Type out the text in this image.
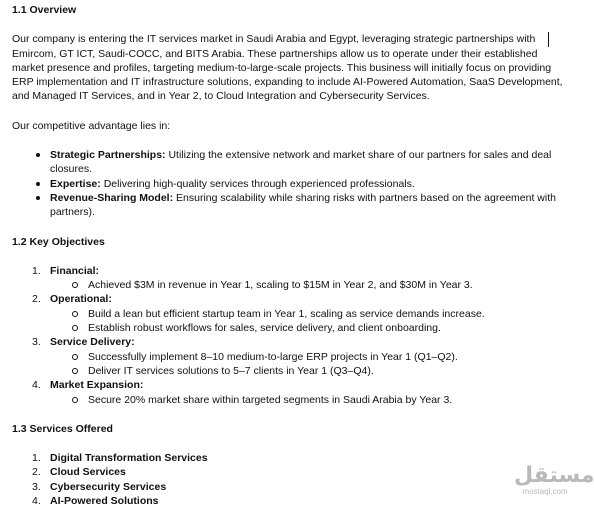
1.1 Overview

Our company is entering the IT services market in Saudi Arabia and Egypt, leveraging strategic partnerships with Emircom, GT ICT, Saudi-COCC, and BITS Arabia. These partnerships allow us to operate under their established market presence and profiles, targeting medium-to-large-scale projects. This business will initially focus on providing ERP implementation and IT infrastructure solutions, expanding to include AI-Powered Automation, SaaS Development, and Managed IT Services, and in Year 2, to Cloud Integration and Cybersecurity Services.

Our competitive advantage lies in:

Strategic Partnerships: Utilizing the extensive network and market share of our partners for sales and deal closures.
Expertise: Delivering high-quality services through experienced professionals.
Revenue-Sharing Model: Ensuring scalability while sharing risks with partners based on the agreement with partners).
1.2 Key Objectives
1. Financial:
Achieved $3M in revenue in Year 1, scaling to $15M in Year 2, and $30M in Year 3.
2. Operational:
Build a lean but efficient startup team in Year 1, scaling as service demands increase.
Establish robust workflows for sales, service delivery, and client onboarding.
3. Service Delivery:
Successfully implement 8–10 medium-to-large ERP projects in Year 1 (Q1–Q2).
Deliver IT services solutions to 5–7 clients in Year 1 (Q3–Q4).
4. Market Expansion:
Secure 20% market share within targeted segments in Saudi Arabia by Year 3.
1.3 Services Offered
1. Digital Transformation Services
2. Cloud Services
3. Cybersecurity Services
4. AI-Powered Solutions
مستقل
mostaql.com
